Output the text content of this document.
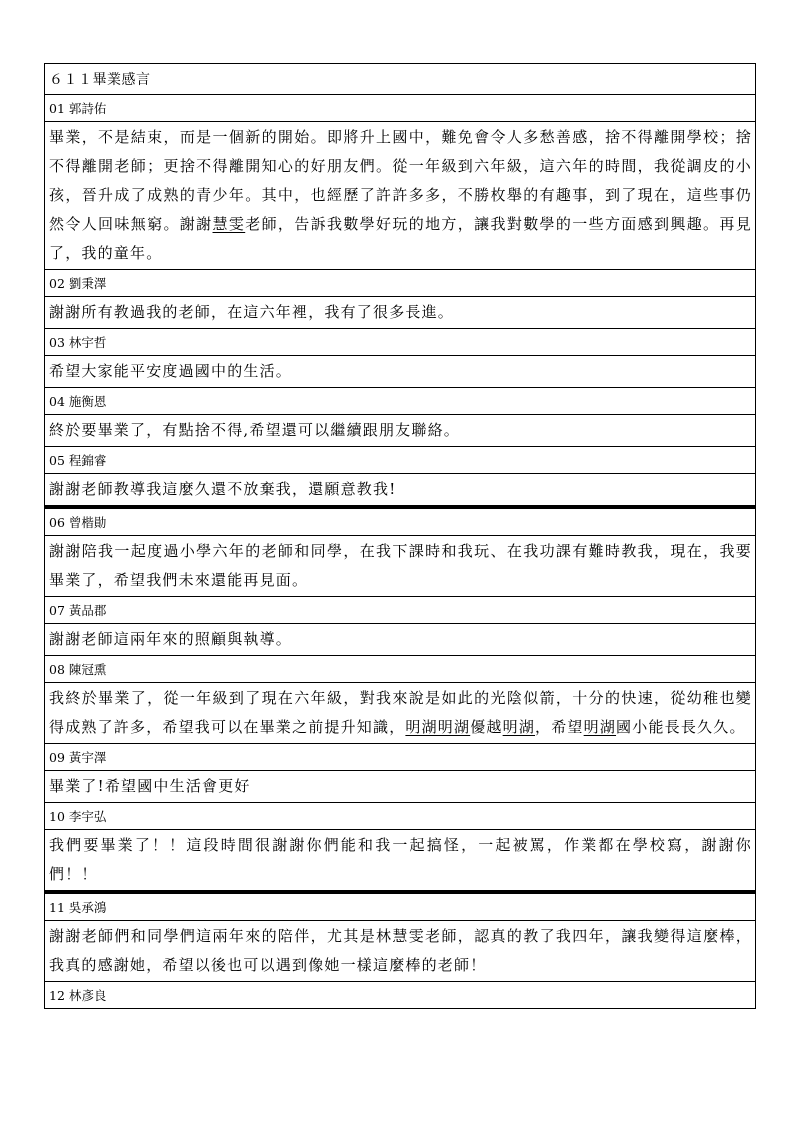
６１１畢業感言
01 郭詩佑
畢業，不是結束，而是一個新的開始。即將升上國中，難免會令人多愁善感，捨不得離開學校；捨不得離開老師；更捨不得離開知心的好朋友們。從一年級到六年級，這六年的時間，我從調皮的小孩，晉升成了成熟的青少年。其中，也經歷了許許多多，不勝枚舉的有趣事，到了現在，這些事仍然令人回味無窮。謝謝慧雯老師，告訴我數學好玩的地方，讓我對數學的一些方面感到興趣。再見了，我的童年。
02 劉秉澤
謝謝所有教過我的老師，在這六年裡，我有了很多長進。
03 林宇哲
希望大家能平安度過國中的生活。
04 施衡恩
終於要畢業了，有點捨不得,希望還可以繼續跟朋友聯絡。
05 程錦睿
謝謝老師教導我這麼久還不放棄我，還願意教我!
06 曾楷勛
謝謝陪我一起度過小學六年的老師和同學，在我下課時和我玩、在我功課有難時教我，現在，我要畢業了，希望我們未來還能再見面。
07 黃品郡
謝謝老師這兩年來的照顧與執導。
08 陳冠熏
我終於畢業了，從一年級到了現在六年級，對我來說是如此的光陰似箭，十分的快速，從幼稚也變得成熟了許多，希望我可以在畢業之前提升知識，明湖明湖優越明湖，希望明湖國小能長長久久。
09 黃宇澤
畢業了!希望國中生活會更好
10 李宇弘
我們要畢業了！！這段時間很謝謝你們能和我一起搞怪，一起被罵，作業都在學校寫，謝謝你們！！
11 吳承鴻
謝謝老師們和同學們這兩年來的陪伴，尤其是林慧雯老師，認真的教了我四年，讓我變得這麼棒，我真的感謝她，希望以後也可以遇到像她一樣這麼棒的老師！
12 林彥良
